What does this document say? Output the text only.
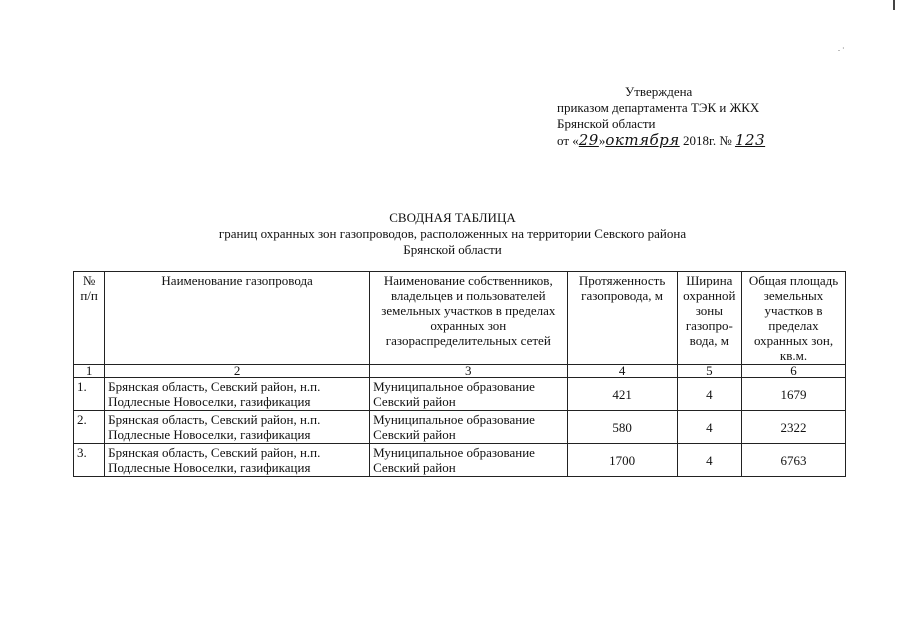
. ·
Утверждена
приказом департамента ТЭК и ЖКХ
Брянской области
от «29»октября 2018г. № 123
СВОДНАЯ ТАБЛИЦА
границ охранных зон газопроводов, расположенных на территории Севского района
Брянской области
№ п/п	Наименование газопровода	Наименование собственников, владельцев и пользователей земельных участков в пределах охранных зон газораспределительных сетей	Протяженность газопровода, м	Ширина охранной зоны газопро-вода, м	Общая площадь земельных участков в пределах охранных зон, кв.м.
1	2	3	4	5	6
1.	Брянская область, Севский район, н.п. Подлесные Новоселки, газификация	Муниципальное образование Севский район	421	4	1679
2.	Брянская область, Севский район, н.п. Подлесные Новоселки, газификация	Муниципальное образование Севский район	580	4	2322
3.	Брянская область, Севский район, н.п. Подлесные Новоселки, газификация	Муниципальное образование Севский район	1700	4	6763
